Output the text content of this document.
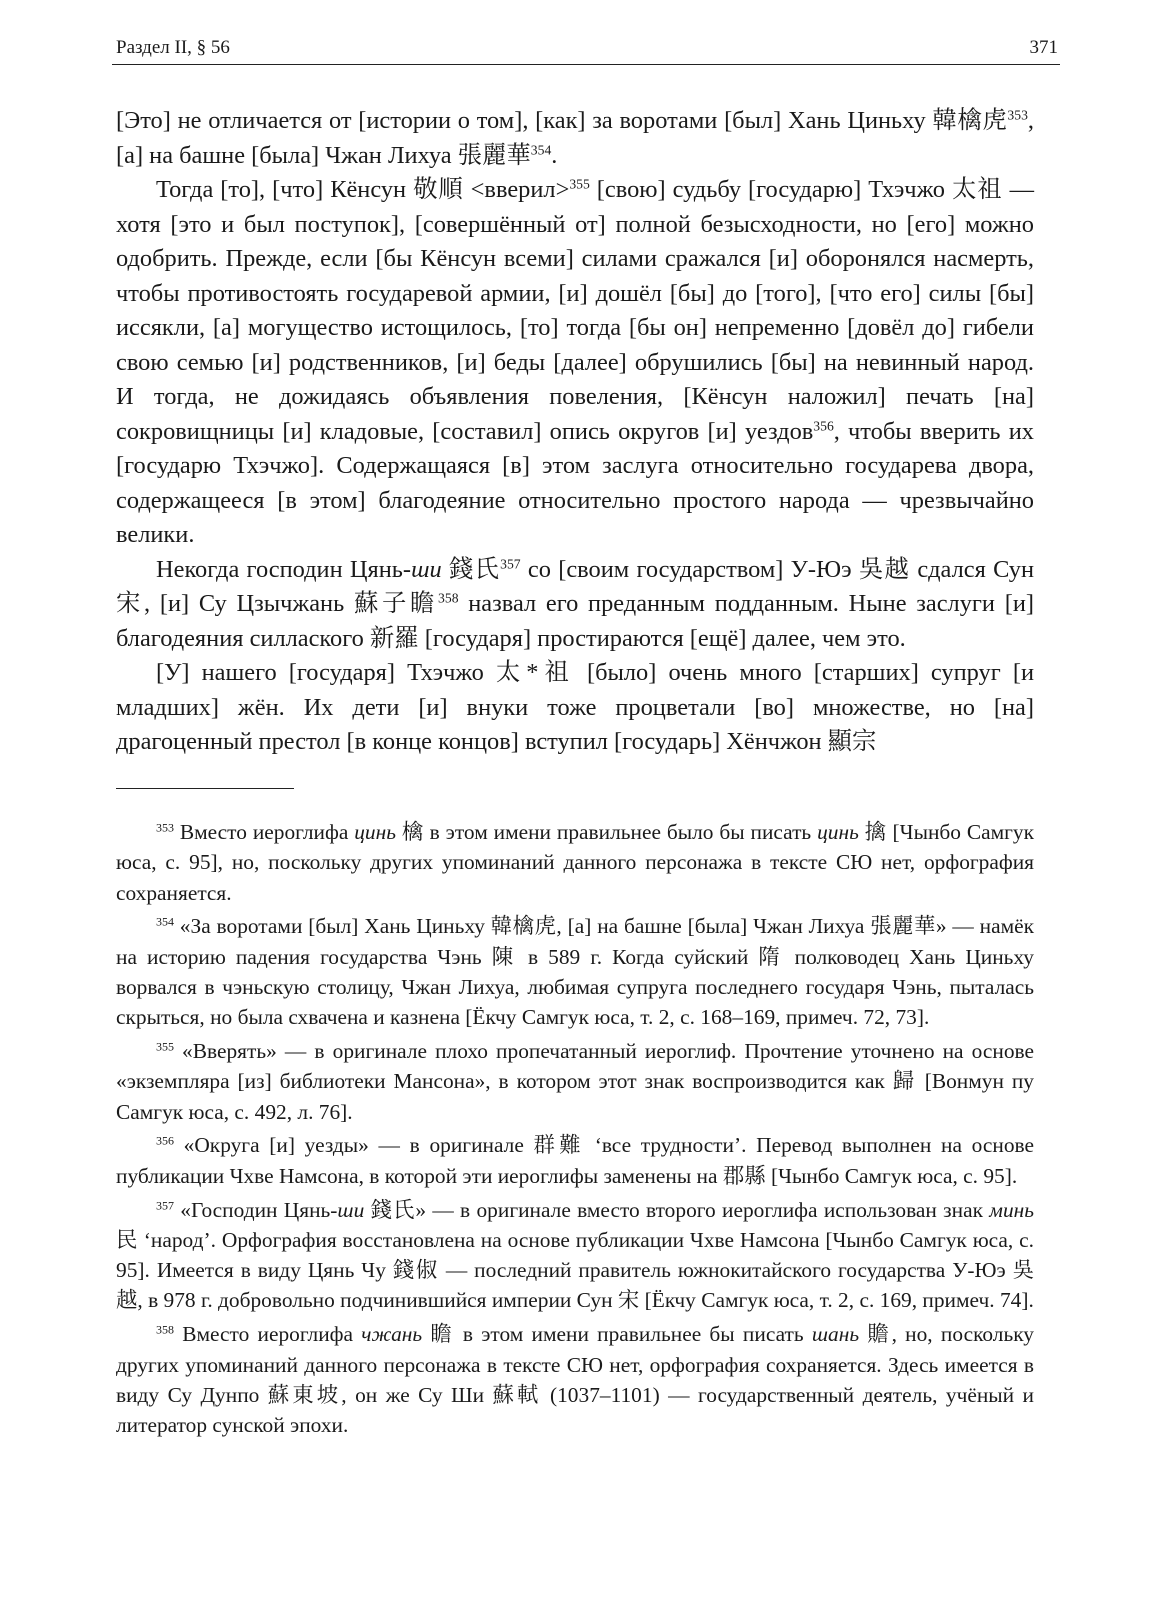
Раздел II, § 56	371

[Это] не отличается от [истории о том], [как] за воротами [был] Хань Циньху 韓檎虎$^{353}$, [а] на башне [была] Чжан Лихуа 張麗華$^{354}$.

Тогда [то], [что] Кёнсун 敬順 <вверил>$^{355}$ [свою] судьбу [государю] Тхэчжо 太祖 — хотя [это и был поступок], [совершённый от] полной безысходности, но [его] можно одобрить. Прежде, если [бы Кёнсун всеми] силами сражался [и] оборонялся насмерть, чтобы противостоять государевой армии, [и] дошёл [бы] до [того], [что его] силы [бы] иссякли, [а] могущество истощилось, [то] тогда [бы он] непременно [довёл до] гибели свою семью [и] родственников, [и] беды [далее] обрушились [бы] на невинный народ. И тогда, не дожидаясь объявления повеления, [Кёнсун наложил] печать [на] сокровищницы [и] кладовые, [составил] опись округов [и] уездов$^{356}$, чтобы вверить их [государю Тхэчжо]. Содержащаяся [в] этом заслуга относительно государева двора, содержащееся [в этом] благодеяние относительно простого народа — чрезвычайно велики.

Некогда господин Цянь-ши 錢氏$^{357}$ со [своим государством] У-Юэ 吳越 сдался Сун 宋, [и] Су Цзычжань 蘇子瞻$^{358}$ назвал его преданным подданным. Ныне заслуги [и] благодеяния силлаского 新羅 [государя] простираются [ещё] далее, чем это.

[У] нашего [государя] Тхэчжо 太*祖 [было] очень много [старших] супруг [и младших] жён. Их дети [и] внуки тоже процветали [во] множестве, но [на] драгоценный престол [в конце концов] вступил [государь] Хёнчжон 顯宗

$^{353}$ Вместо иероглифа цинь 檎 в этом имени правильнее было бы писать цинь 擒 [Чынбо Самгук юса, с. 95], но, поскольку других упоминаний данного персонажа в тексте СЮ нет, орфография сохраняется.

$^{354}$ «За воротами [был] Хань Циньху 韓檎虎, [а] на башне [была] Чжан Лихуа 張麗華» — намёк на историю падения государства Чэнь 陳 в 589 г. Когда суйский 隋 полководец Хань Циньху ворвался в чэньскую столицу, Чжан Лихуа, любимая супруга последнего государя Чэнь, пыталась скрыться, но была схвачена и казнена [Ёкчу Самгук юса, т. 2, с. 168–169, примеч. 72, 73].

$^{355}$ «Вверять» — в оригинале плохо пропечатанный иероглиф. Прочтение уточнено на основе «экземпляра [из] библиотеки Мансона», в котором этот знак воспроизводится как 歸 [Вонмун пу Самгук юса, с. 492, л. 76].

$^{356}$ «Округа [и] уезды» — в оригинале 群難 ‘все трудности’. Перевод выполнен на основе публикации Чхве Намсона, в которой эти иероглифы заменены на 郡縣 [Чынбо Самгук юса, с. 95].

$^{357}$ «Господин Цянь-ши 錢氏» — в оригинале вместо второго иероглифа использован знак минь 民 ‘народ’. Орфография восстановлена на основе публикации Чхве Намсона [Чынбо Самгук юса, с. 95]. Имеется в виду Цянь Чу 錢俶 — последний правитель южнокитайского государства У-Юэ 吳越, в 978 г. добровольно подчинившийся империи Сун 宋 [Ёкчу Самгук юса, т. 2, с. 169, примеч. 74].

$^{358}$ Вместо иероглифа чжань 瞻 в этом имени правильнее бы писать шань 贍, но, поскольку других упоминаний данного персонажа в тексте СЮ нет, орфография сохраняется. Здесь имеется в виду Су Дунпо 蘇東坡, он же Су Ши 蘇軾 (1037–1101) — государственный деятель, учёный и литератор сунской эпохи.
